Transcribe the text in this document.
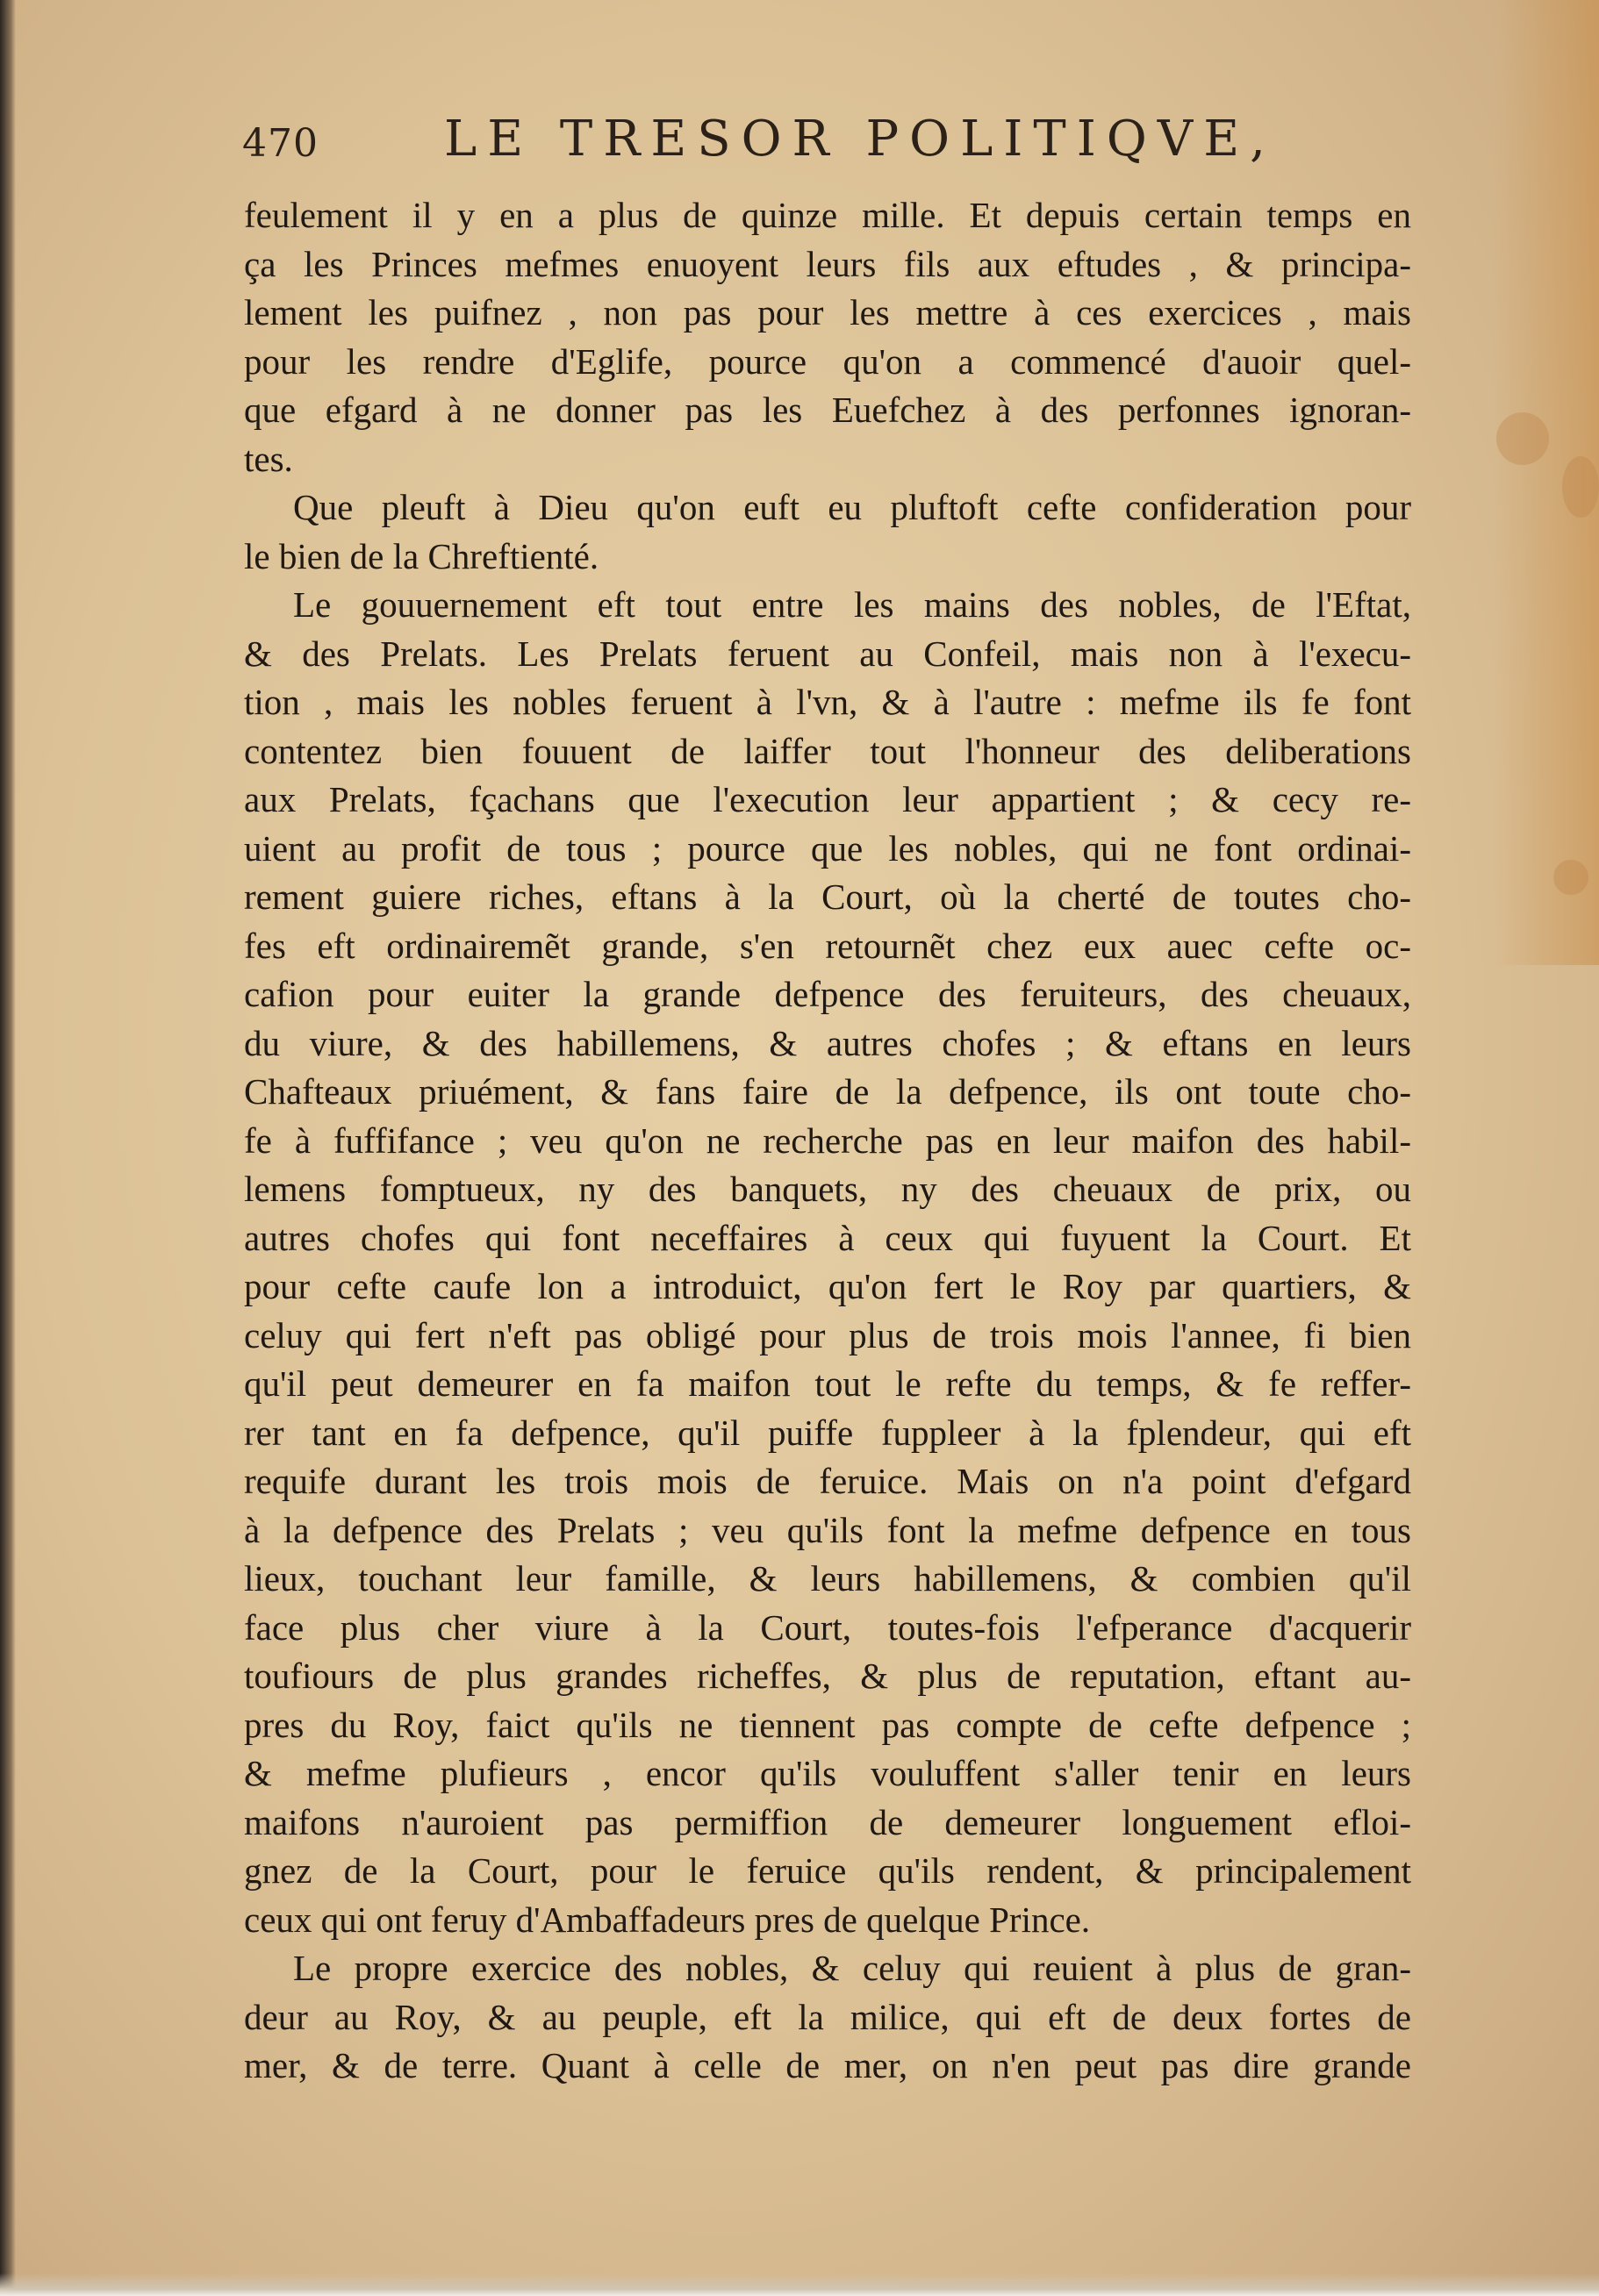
470	LE TRESOR POLITIQVE,
feulement il y en a plus de quinze mille. Et depuis certain temps en
ça les Princes mefmes enuoyent leurs fils aux eftudes , & principa-
lement les puifnez , non pas pour les mettre à ces exercices , mais
pour les rendre d'Eglife, pource qu'on a commencé d'auoir quel-
que efgard à ne donner pas les Euefchez à des perfonnes ignoran-
tes.
Que pleuft à Dieu qu'on euft eu pluftoft cefte confideration pour
le bien de la Chreftienté.
Le gouuernement eft tout entre les mains des nobles, de l'Eftat,
& des Prelats. Les Prelats feruent au Confeil, mais non à l'execu-
tion , mais les nobles feruent à l'vn, & à l'autre : mefme ils fe font
contentez bien fouuent de laiffer tout l'honneur des deliberations
aux Prelats, fçachans que l'execution leur appartient ; & cecy re-
uient au profit de tous ; pource que les nobles, qui ne font ordinai-
rement guiere riches, eftans à la Court, où la cherté de toutes cho-
fes eft ordinairemẽt grande, s'en retournẽt chez eux auec cefte oc-
cafion pour euiter la grande defpence des feruiteurs, des cheuaux,
du viure, & des habillemens, & autres chofes ; & eftans en leurs
Chafteaux priuément, & fans faire de la defpence, ils ont toute cho-
fe à fuffifance ; veu qu'on ne recherche pas en leur maifon des habil-
lemens fomptueux, ny des banquets, ny des cheuaux de prix, ou
autres chofes qui font neceffaires à ceux qui fuyuent la Court. Et
pour cefte caufe lon a introduict, qu'on fert le Roy par quartiers, &
celuy qui fert n'eft pas obligé pour plus de trois mois l'annee, fi bien
qu'il peut demeurer en fa maifon tout le refte du temps, & fe reffer-
rer tant en fa defpence, qu'il puiffe fuppleer à la fplendeur, qui eft
requife durant les trois mois de feruice. Mais on n'a point d'efgard
à la defpence des Prelats ; veu qu'ils font la mefme defpence en tous
lieux, touchant leur famille, & leurs habillemens, & combien qu'il
face plus cher viure à la Court, toutes-fois l'efperance d'acquerir
toufiours de plus grandes richeffes, & plus de reputation, eftant au-
pres du Roy, faict qu'ils ne tiennent pas compte de cefte defpence ;
& mefme plufieurs , encor qu'ils vouluffent s'aller tenir en leurs
maifons n'auroient pas permiffion de demeurer longuement efloi-
gnez de la Court, pour le feruice qu'ils rendent, & principalement
ceux qui ont feruy d'Ambaffadeurs pres de quelque Prince.
Le propre exercice des nobles, & celuy qui reuient à plus de gran-
deur au Roy, & au peuple, eft la milice, qui eft de deux fortes de
mer, & de terre. Quant à celle de mer, on n'en peut pas dire grande
